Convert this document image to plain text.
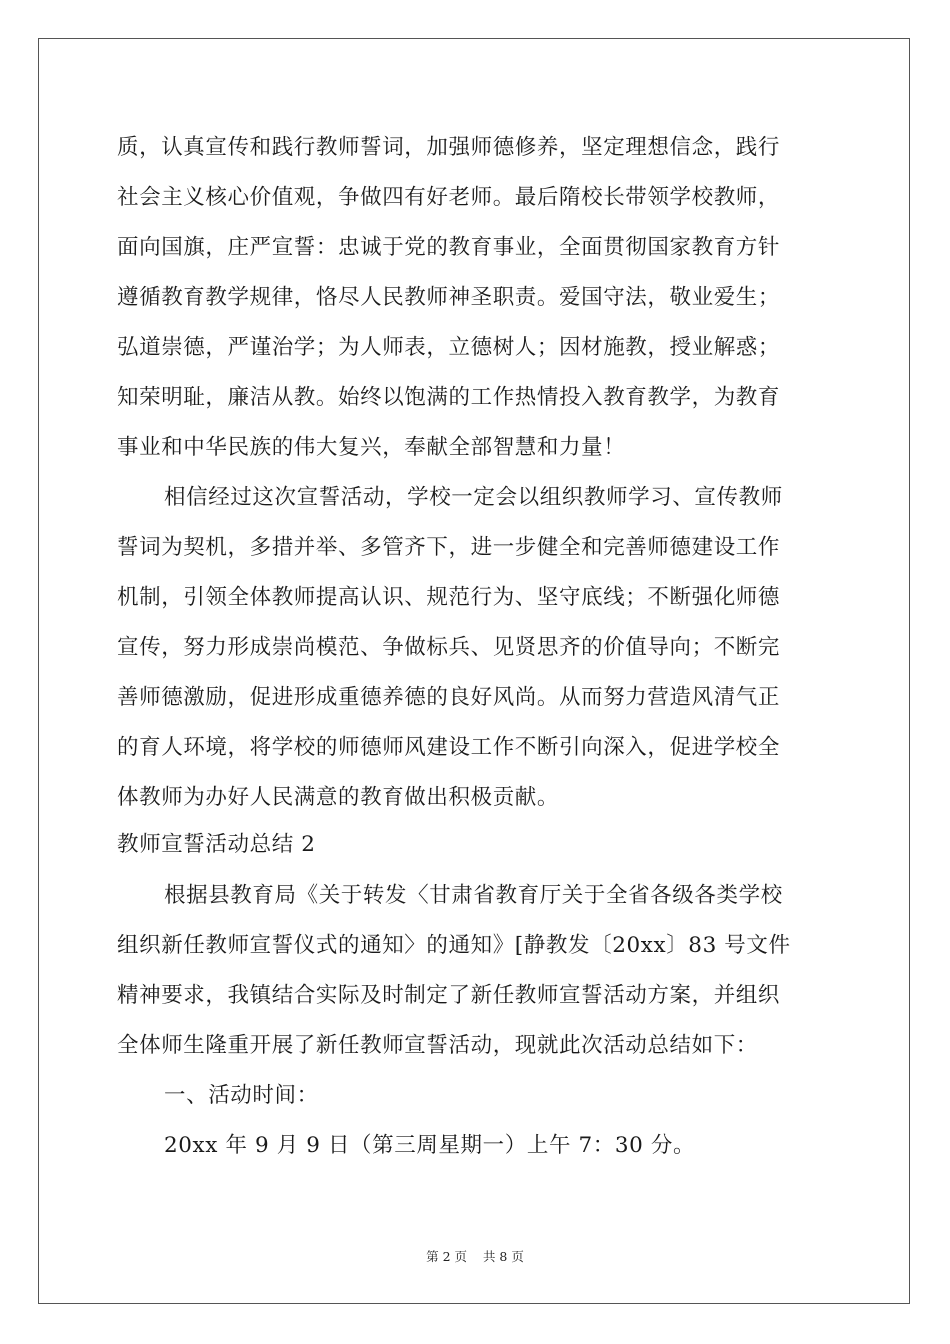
质，认真宣传和践行教师誓词，加强师德修养，坚定理想信念，践行
社会主义核心价值观，争做四有好老师。最后隋校长带领学校教师，
面向国旗，庄严宣誓：忠诚于党的教育事业，全面贯彻国家教育方针
遵循教育教学规律，恪尽人民教师神圣职责。爱国守法，敬业爱生；
弘道崇德，严谨治学；为人师表，立德树人；因材施教，授业解惑；
知荣明耻，廉洁从教。始终以饱满的工作热情投入教育教学，为教育
事业和中华民族的伟大复兴，奉献全部智慧和力量！
相信经过这次宣誓活动，学校一定会以组织教师学习、宣传教师
誓词为契机，多措并举、多管齐下，进一步健全和完善师德建设工作
机制，引领全体教师提高认识、规范行为、坚守底线；不断强化师德
宣传，努力形成崇尚模范、争做标兵、见贤思齐的价值导向；不断完
善师德激励，促进形成重德养德的良好风尚。从而努力营造风清气正
的育人环境，将学校的师德师风建设工作不断引向深入，促进学校全
体教师为办好人民满意的教育做出积极贡献。
教师宣誓活动总结 2
根据县教育局《关于转发〈甘肃省教育厅关于全省各级各类学校
组织新任教师宣誓仪式的通知〉的通知》[静教发〔20xx〕83 号文件
精神要求，我镇结合实际及时制定了新任教师宣誓活动方案，并组织
全体师生隆重开展了新任教师宣誓活动，现就此次活动总结如下：
一、活动时间：
20xx 年 9 月 9 日（第三周星期一）上午 7：30 分。
第 2 页 共 8 页
